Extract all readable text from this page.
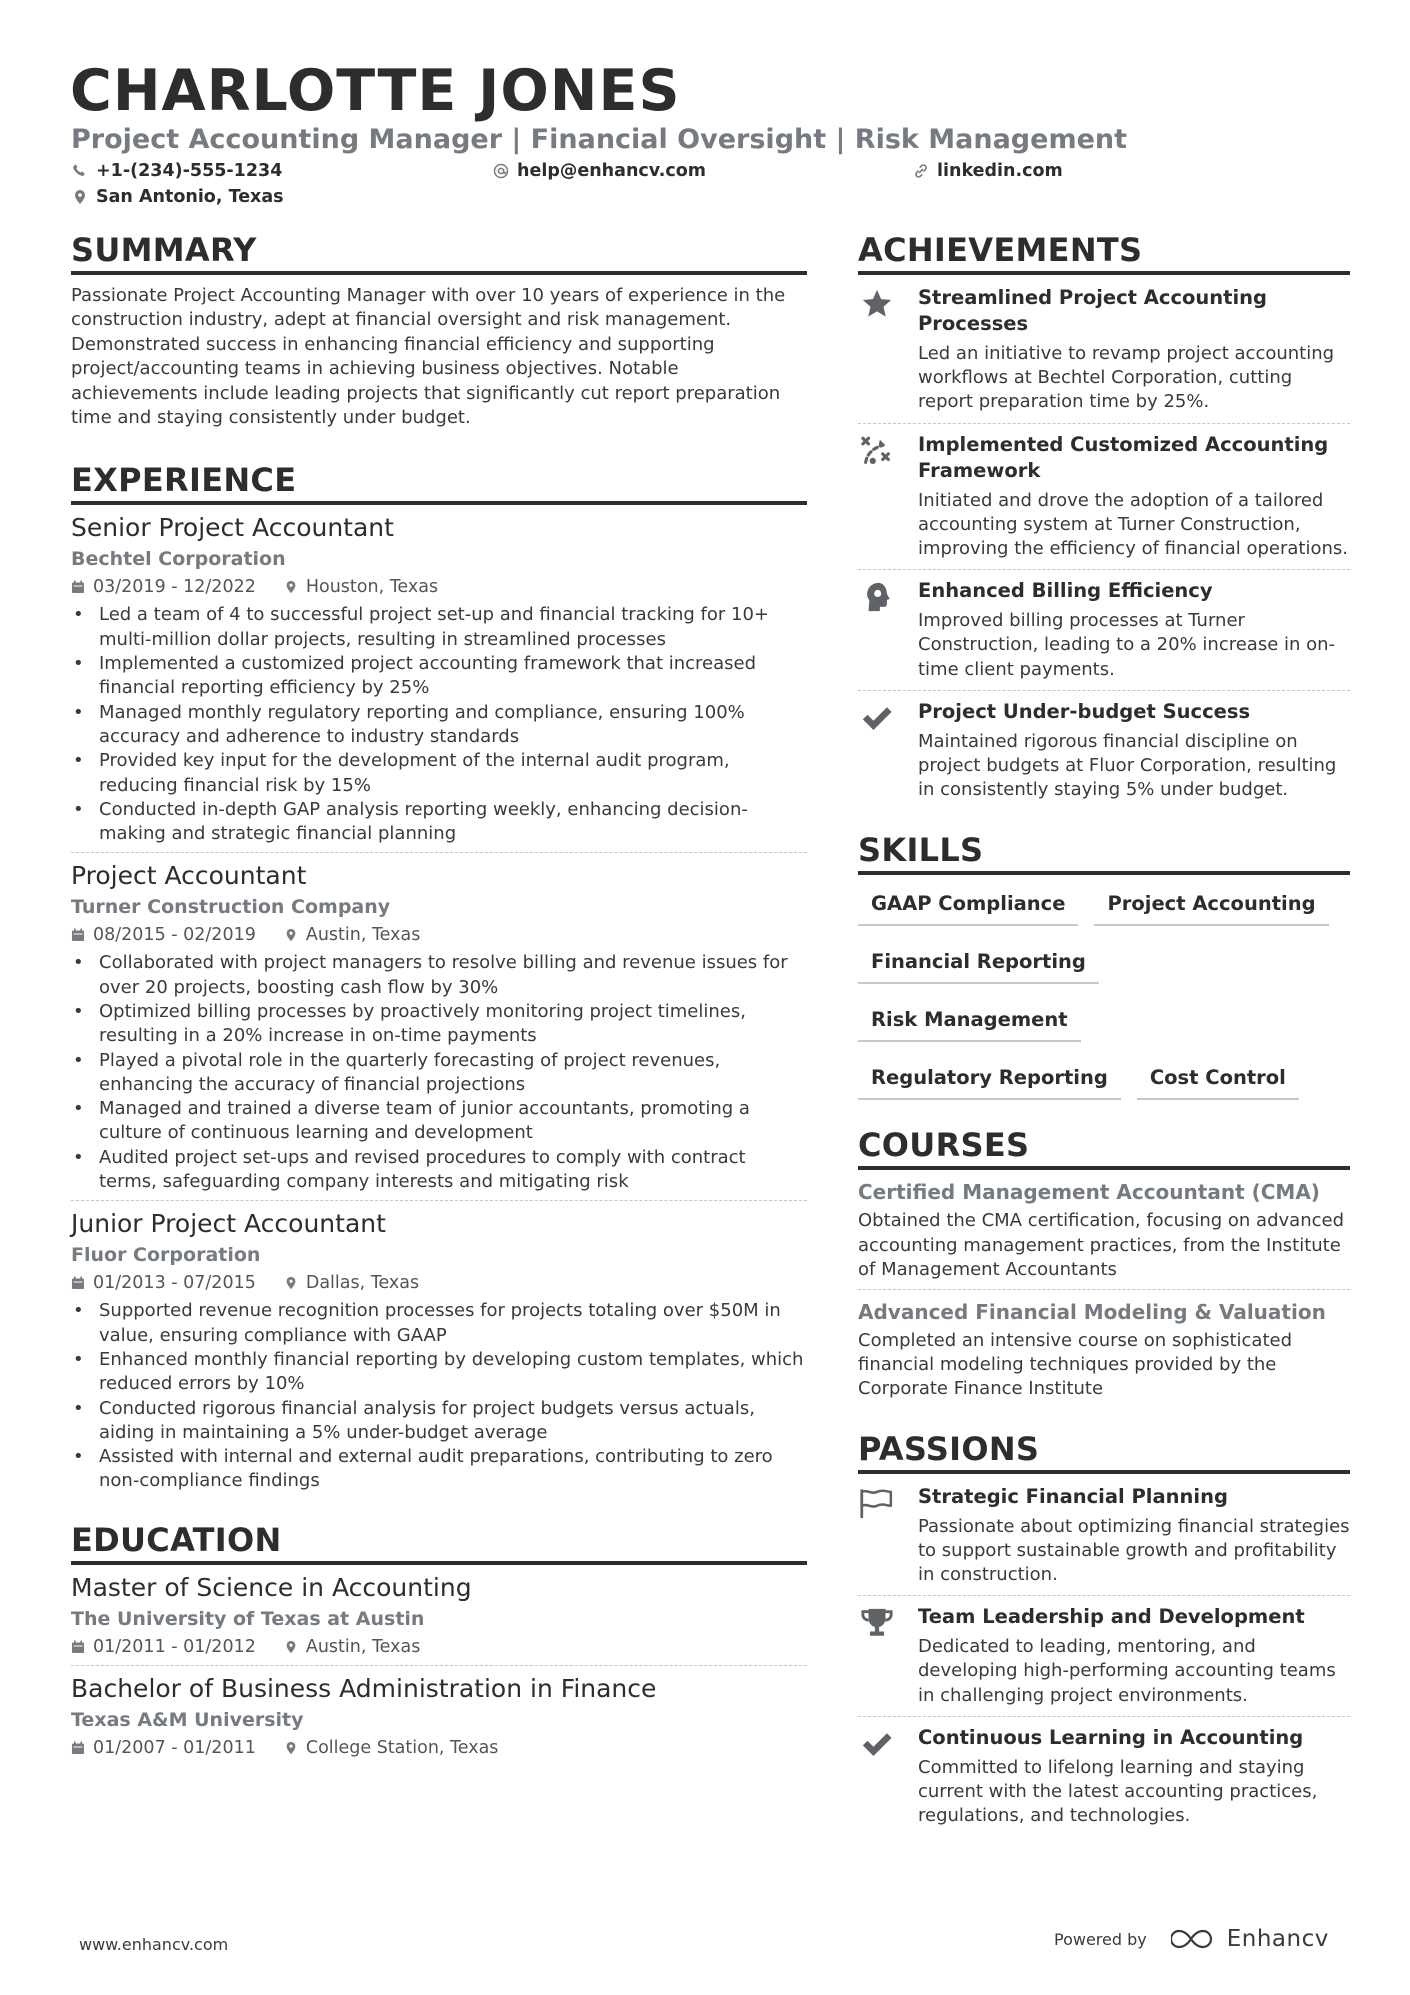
CHARLOTTE JONES
Project Accounting Manager | Financial Oversight | Risk Management
+1-(234)-555-1234	help@enhancv.com	linkedin.com
San Antonio, Texas
SUMMARY
Passionate Project Accounting Manager with over 10 years of experience in the construction industry, adept at financial oversight and risk management. Demonstrated success in enhancing financial efficiency and supporting project/accounting teams in achieving business objectives. Notable achievements include leading projects that significantly cut report preparation time and staying consistently under budget.
EXPERIENCE
Senior Project Accountant
Bechtel Corporation
03/2019 - 12/2022	Houston, Texas
• Led a team of 4 to successful project set-up and financial tracking for 10+ multi-million dollar projects, resulting in streamlined processes
• Implemented a customized project accounting framework that increased financial reporting efficiency by 25%
• Managed monthly regulatory reporting and compliance, ensuring 100% accuracy and adherence to industry standards
• Provided key input for the development of the internal audit program, reducing financial risk by 15%
• Conducted in-depth GAP analysis reporting weekly, enhancing decision-making and strategic financial planning
Project Accountant
Turner Construction Company
08/2015 - 02/2019	Austin, Texas
• Collaborated with project managers to resolve billing and revenue issues for over 20 projects, boosting cash flow by 30%
• Optimized billing processes by proactively monitoring project timelines, resulting in a 20% increase in on-time payments
• Played a pivotal role in the quarterly forecasting of project revenues, enhancing the accuracy of financial projections
• Managed and trained a diverse team of junior accountants, promoting a culture of continuous learning and development
• Audited project set-ups and revised procedures to comply with contract terms, safeguarding company interests and mitigating risk
Junior Project Accountant
Fluor Corporation
01/2013 - 07/2015	Dallas, Texas
• Supported revenue recognition processes for projects totaling over $50M in value, ensuring compliance with GAAP
• Enhanced monthly financial reporting by developing custom templates, which reduced errors by 10%
• Conducted rigorous financial analysis for project budgets versus actuals, aiding in maintaining a 5% under-budget average
• Assisted with internal and external audit preparations, contributing to zero non-compliance findings
EDUCATION
Master of Science in Accounting
The University of Texas at Austin
01/2011 - 01/2012	Austin, Texas
Bachelor of Business Administration in Finance
Texas A&M University
01/2007 - 01/2011	College Station, Texas
ACHIEVEMENTS
Streamlined Project Accounting Processes
Led an initiative to revamp project accounting workflows at Bechtel Corporation, cutting report preparation time by 25%.
Implemented Customized Accounting Framework
Initiated and drove the adoption of a tailored accounting system at Turner Construction, improving the efficiency of financial operations.
Enhanced Billing Efficiency
Improved billing processes at Turner Construction, leading to a 20% increase in on-time client payments.
Project Under-budget Success
Maintained rigorous financial discipline on project budgets at Fluor Corporation, resulting in consistently staying 5% under budget.
SKILLS
GAAP Compliance	Project Accounting
Financial Reporting
Risk Management
Regulatory Reporting	Cost Control
COURSES
Certified Management Accountant (CMA)
Obtained the CMA certification, focusing on advanced accounting management practices, from the Institute of Management Accountants
Advanced Financial Modeling & Valuation
Completed an intensive course on sophisticated financial modeling techniques provided by the Corporate Finance Institute
PASSIONS
Strategic Financial Planning
Passionate about optimizing financial strategies to support sustainable growth and profitability in construction.
Team Leadership and Development
Dedicated to leading, mentoring, and developing high-performing accounting teams in challenging project environments.
Continuous Learning in Accounting
Committed to lifelong learning and staying current with the latest accounting practices, regulations, and technologies.
www.enhancv.com	Powered by	Enhancv
